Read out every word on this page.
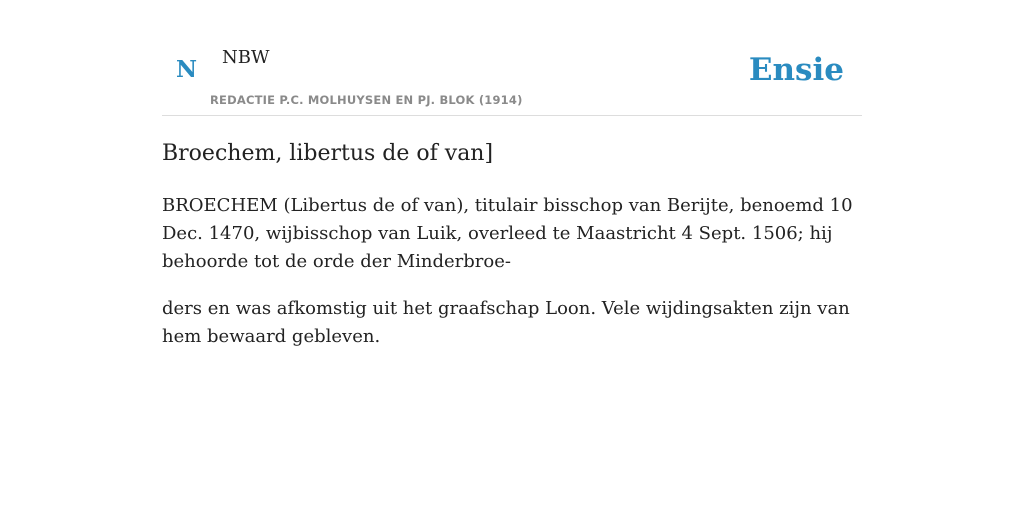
N NBW
REDACTIE P.C. MOLHUYSEN EN PJ. BLOK (1914)
Ensie
Broechem, libertus de of van]

BROECHEM (Libertus de of van), titulair bisschop van Berijte, benoemd 10 Dec. 1470, wijbisschop van Luik, overleed te Maastricht 4 Sept. 1506; hij behoorde tot de orde der Minderbroe-

ders en was afkomstig uit het graafschap Loon. Vele wijdingsakten zijn van hem bewaard gebleven.
